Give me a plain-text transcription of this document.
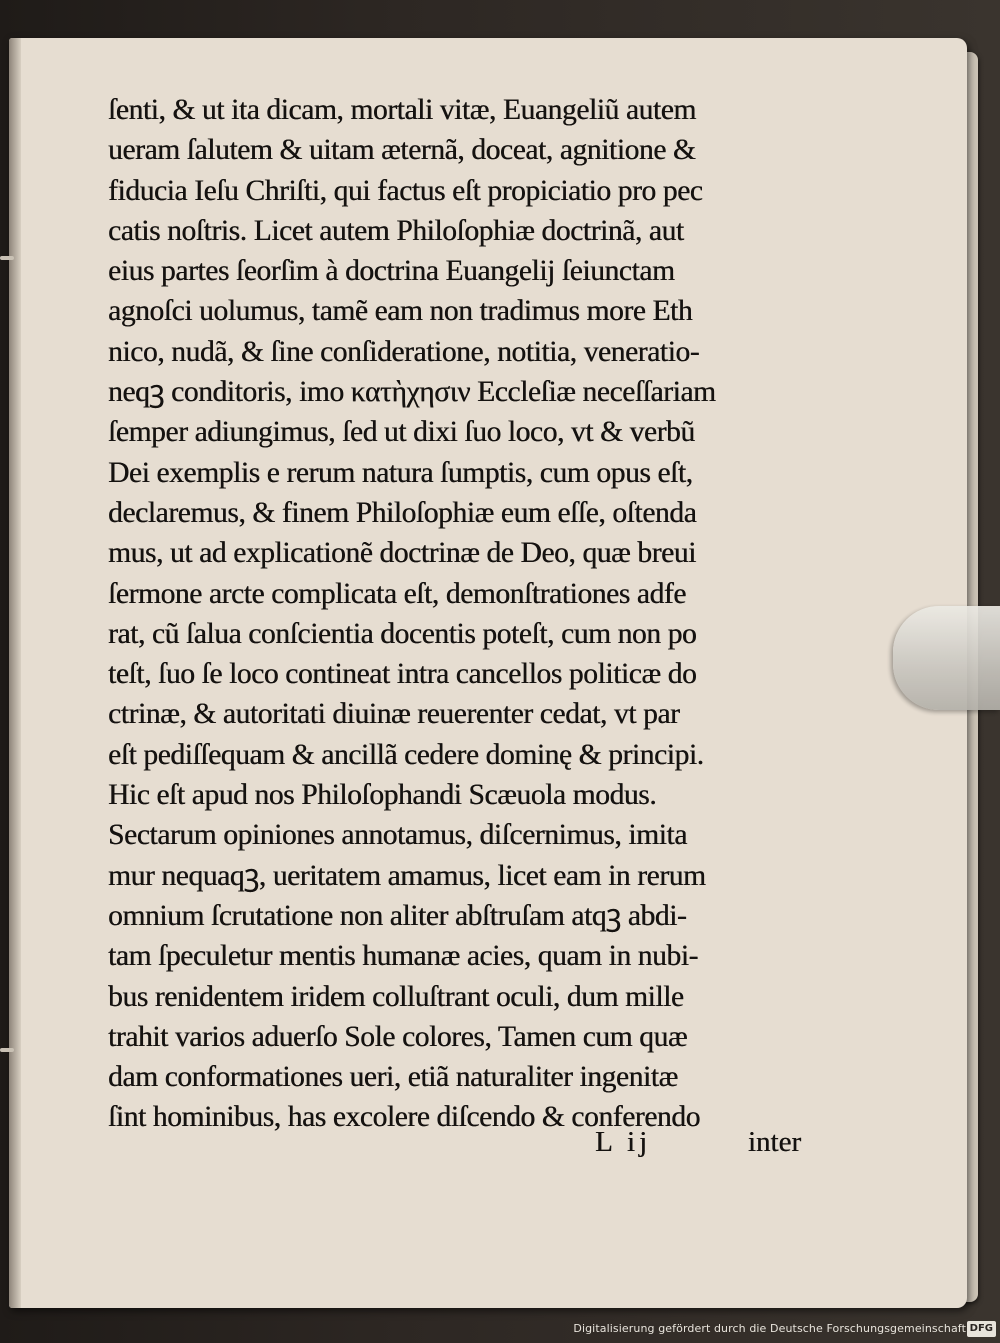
ſenti, & ut ita dicam, mortali vitæ, Euangeliũ autem
ueram ſalutem & uitam æternã, doceat, agnitione &
fiducia Ieſu Chriſti, qui factus eſt propiciatio pro pec
catis noſtris. Licet autem Philoſophiæ doctrinã, aut
eius partes ſeorſim à doctrina Euangelij ſeiunctam
agnoſci uolumus, tamẽ eam non tradimus more Eth
nico, nudã, & ſine conſideratione, notitia, veneratio-
neqꝫ conditoris, imo κατὴχησιν Eccleſiæ neceſſariam
ſemper adiungimus, ſed ut dixi ſuo loco, vt & verbũ
Dei exemplis e rerum natura ſumptis, cum opus eſt,
declaremus, & finem Philoſophiæ eum eſſe, oſtenda
mus, ut ad explicationẽ doctrinæ de Deo, quæ breui
ſermone arcte complicata eſt, demonſtrationes adfe
rat, cũ ſalua conſcientia docentis poteſt, cum non po
teſt, ſuo ſe loco contineat intra cancellos politicæ do
ctrinæ, & autoritati diuinæ reuerenter cedat, vt par
eſt pediſſequam & ancillã cedere dominę & principi.
Hic eſt apud nos Philoſophandi Scæuola modus.
Sectarum opiniones annotamus, diſcernimus, imita
mur nequaqꝫ, ueritatem amamus, licet eam in rerum
omnium ſcrutatione non aliter abſtruſam atqꝫ abdi-
tam ſpeculetur mentis humanæ acies, quam in nubi-
bus renidentem iridem colluſtrant oculi, dum mille
trahit varios aduerſo Sole colores, Tamen cum quæ
dam conformationes ueri, etiã naturaliter ingenitæ
ſint hominibus, has excolere diſcendo & conferendo
L ij	inter
Digitalisierung gefördert durch die Deutsche Forschungsgemeinschaft DFG
